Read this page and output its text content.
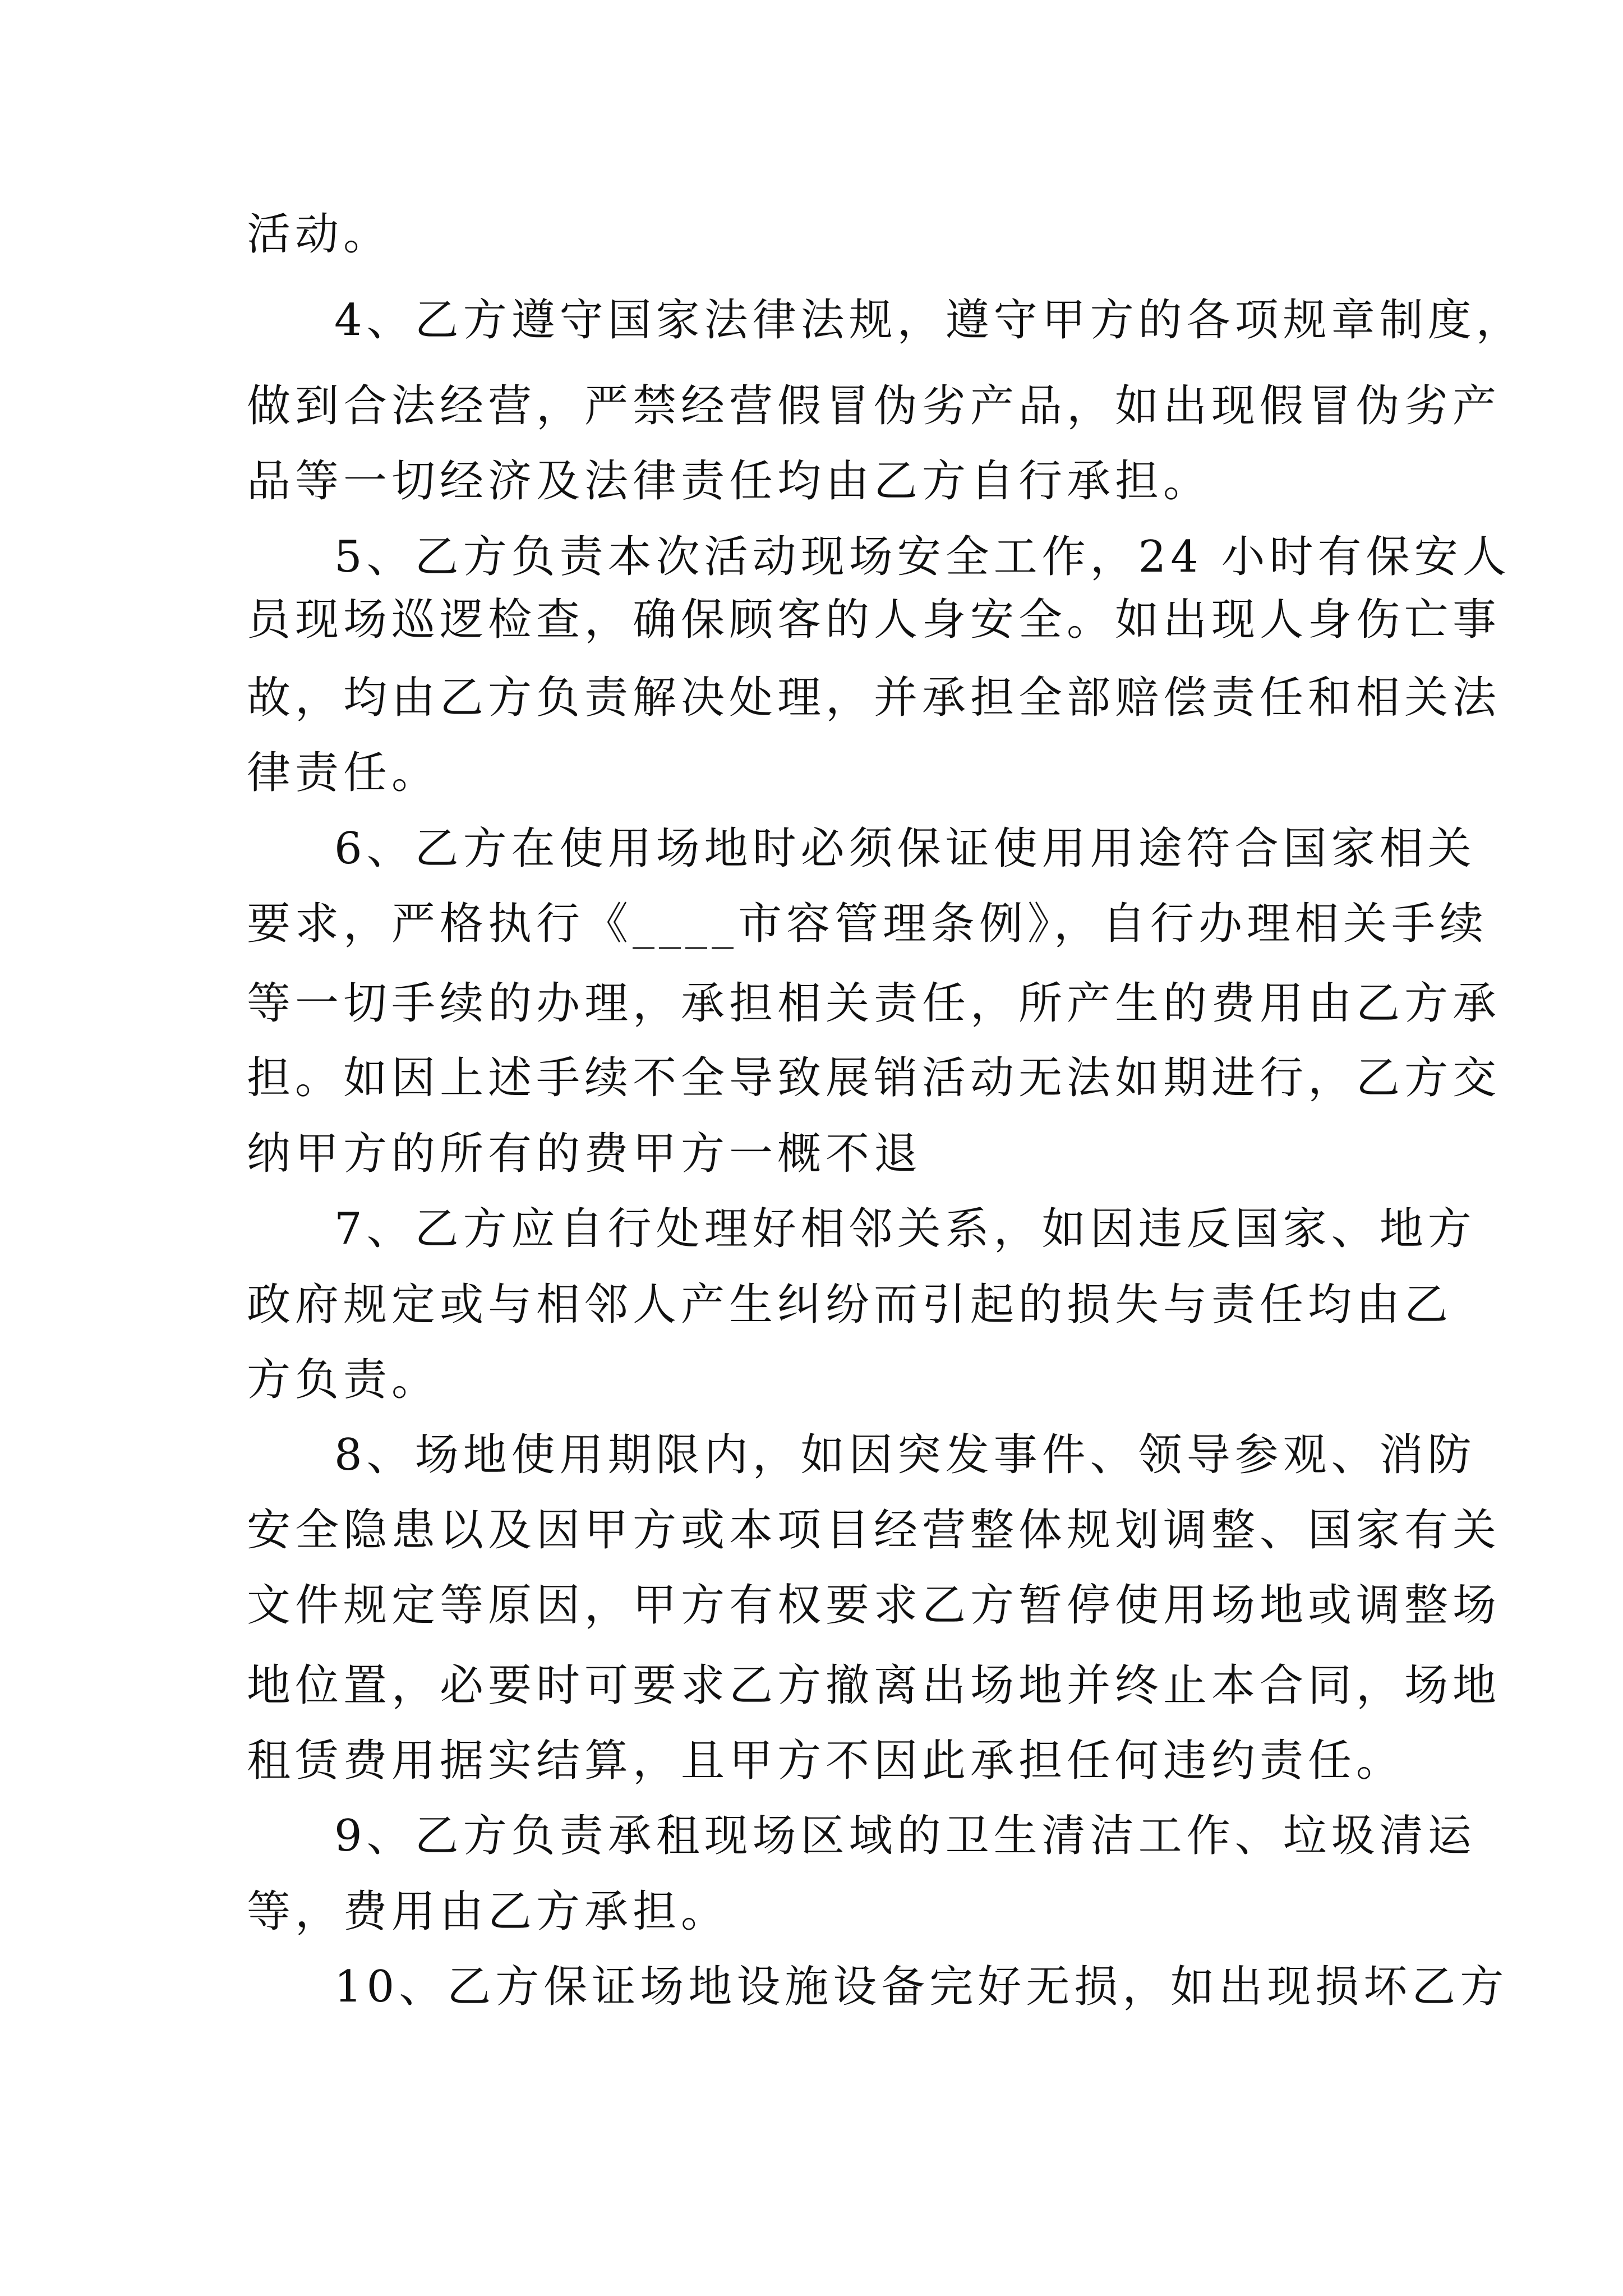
活动。
4、乙方遵守国家法律法规，遵守甲方的各项规章制度，
做到合法经营，严禁经营假冒伪劣产品，如出现假冒伪劣产
品等一切经济及法律责任均由乙方自行承担。
5、乙方负责本次活动现场安全工作，24 小时有保安人
员现场巡逻检查，确保顾客的人身安全。如出现人身伤亡事
故，均由乙方负责解决处理，并承担全部赔偿责任和相关法
律责任。
6、乙方在使用场地时必须保证使用用途符合国家相关
要求，严格执行《____市容管理条例》，自行办理相关手续
等一切手续的办理，承担相关责任，所产生的费用由乙方承
担。如因上述手续不全导致展销活动无法如期进行，乙方交
纳甲方的所有的费甲方一概不退
7、乙方应自行处理好相邻关系，如因违反国家、地方
政府规定或与相邻人产生纠纷而引起的损失与责任均由乙
方负责。
8、场地使用期限内，如因突发事件、领导参观、消防
安全隐患以及因甲方或本项目经营整体规划调整、国家有关
文件规定等原因，甲方有权要求乙方暂停使用场地或调整场
地位置，必要时可要求乙方撤离出场地并终止本合同，场地
租赁费用据实结算，且甲方不因此承担任何违约责任。
9、乙方负责承租现场区域的卫生清洁工作、垃圾清运
等，费用由乙方承担。
10、乙方保证场地设施设备完好无损，如出现损坏乙方
